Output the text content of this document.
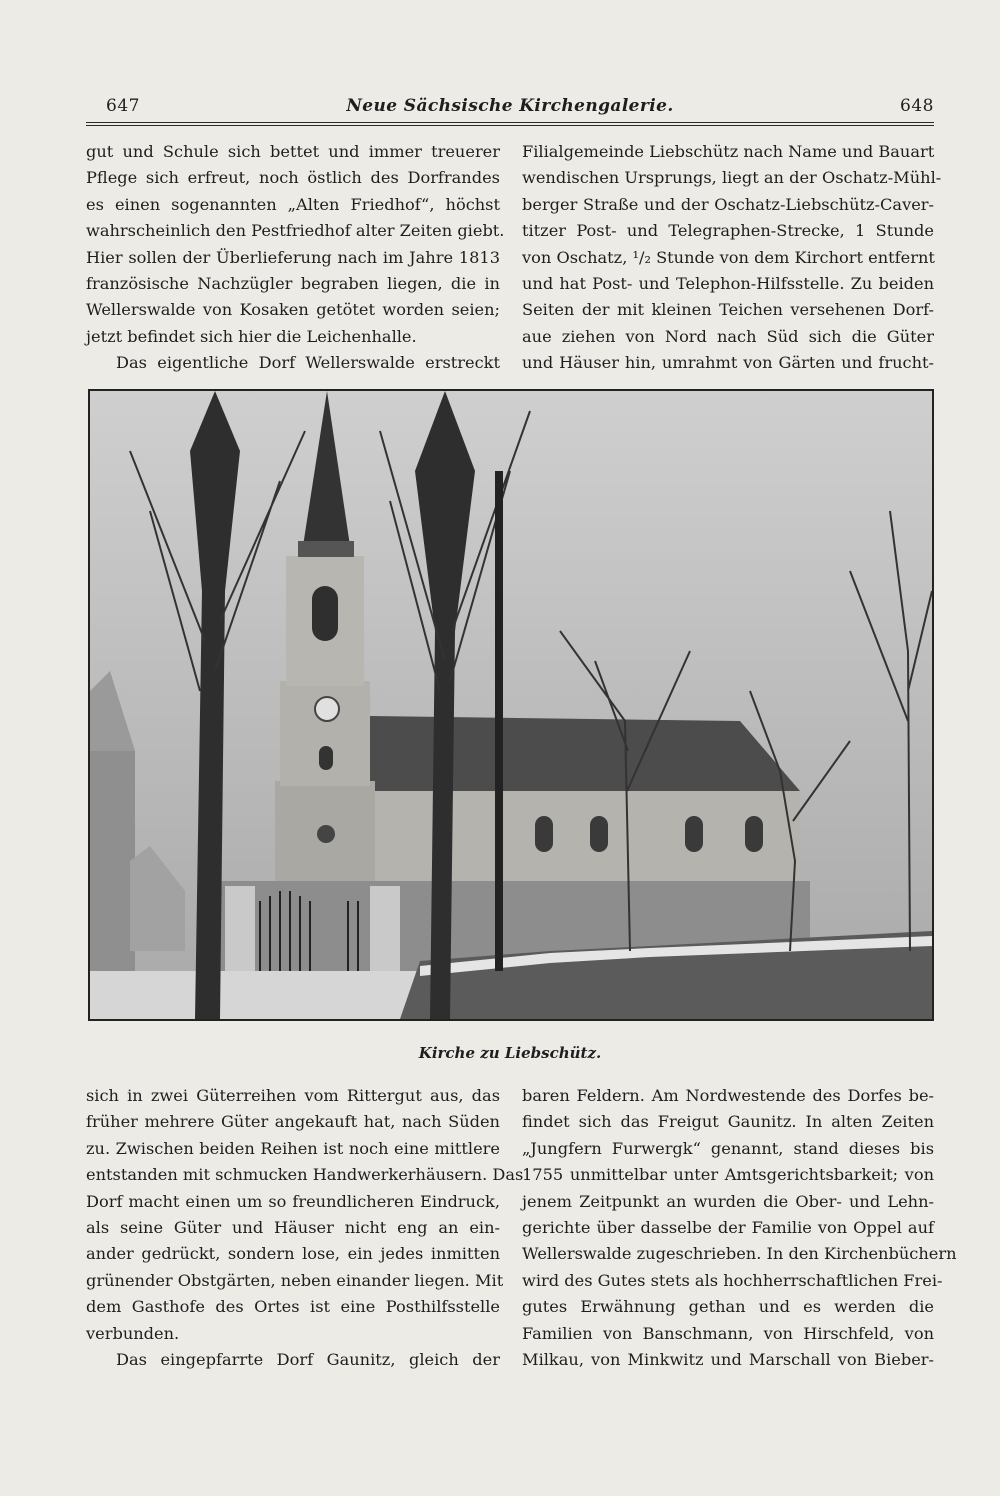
647	Neue Sächsische Kirchengalerie.	648
gut und Schule sich bettet und immer treuerer
Pflege sich erfreut, noch östlich des Dorfrandes
es einen sogenannten „Alten Friedhof“, höchst
wahrscheinlich den Pestfriedhof alter Zeiten giebt.
Hier sollen der Überlieferung nach im Jahre 1813
französische Nachzügler begraben liegen, die in
Wellerswalde von Kosaken getötet worden seien;
jetzt befindet sich hier die Leichenhalle.
Das eigentliche Dorf Wellerswalde erstreckt
Filialgemeinde Liebschütz nach Name und Bauart
wendischen Ursprungs, liegt an der Oschatz-Mühl-
berger Straße und der Oschatz-Liebschütz-Caver-
titzer Post- und Telegraphen-Strecke, 1 Stunde
von Oschatz, ¹/₂ Stunde von dem Kirchort entfernt
und hat Post- und Telephon-Hilfsstelle. Zu beiden
Seiten der mit kleinen Teichen versehenen Dorf-
aue ziehen von Nord nach Süd sich die Güter
und Häuser hin, umrahmt von Gärten und frucht-
Kirche zu Liebschütz.
sich in zwei Güterreihen vom Rittergut aus, das
früher mehrere Güter angekauft hat, nach Süden
zu. Zwischen beiden Reihen ist noch eine mittlere
entstanden mit schmucken Handwerkerhäusern. Das
Dorf macht einen um so freundlicheren Eindruck,
als seine Güter und Häuser nicht eng an ein-
ander gedrückt, sondern lose, ein jedes inmitten
grünender Obstgärten, neben einander liegen. Mit
dem Gasthofe des Ortes ist eine Posthilfsstelle
verbunden.
Das eingepfarrte Dorf Gaunitz, gleich der
baren Feldern. Am Nordwestende des Dorfes be-
findet sich das Freigut Gaunitz. In alten Zeiten
„Jungfern Furwergk“ genannt, stand dieses bis
1755 unmittelbar unter Amtsgerichtsbarkeit; von
jenem Zeitpunkt an wurden die Ober- und Lehn-
gerichte über dasselbe der Familie von Oppel auf
Wellerswalde zugeschrieben. In den Kirchenbüchern
wird des Gutes stets als hochherrschaftlichen Frei-
gutes Erwähnung gethan und es werden die
Familien von Banschmann, von Hirschfeld, von
Milkau, von Minkwitz und Marschall von Bieber-
